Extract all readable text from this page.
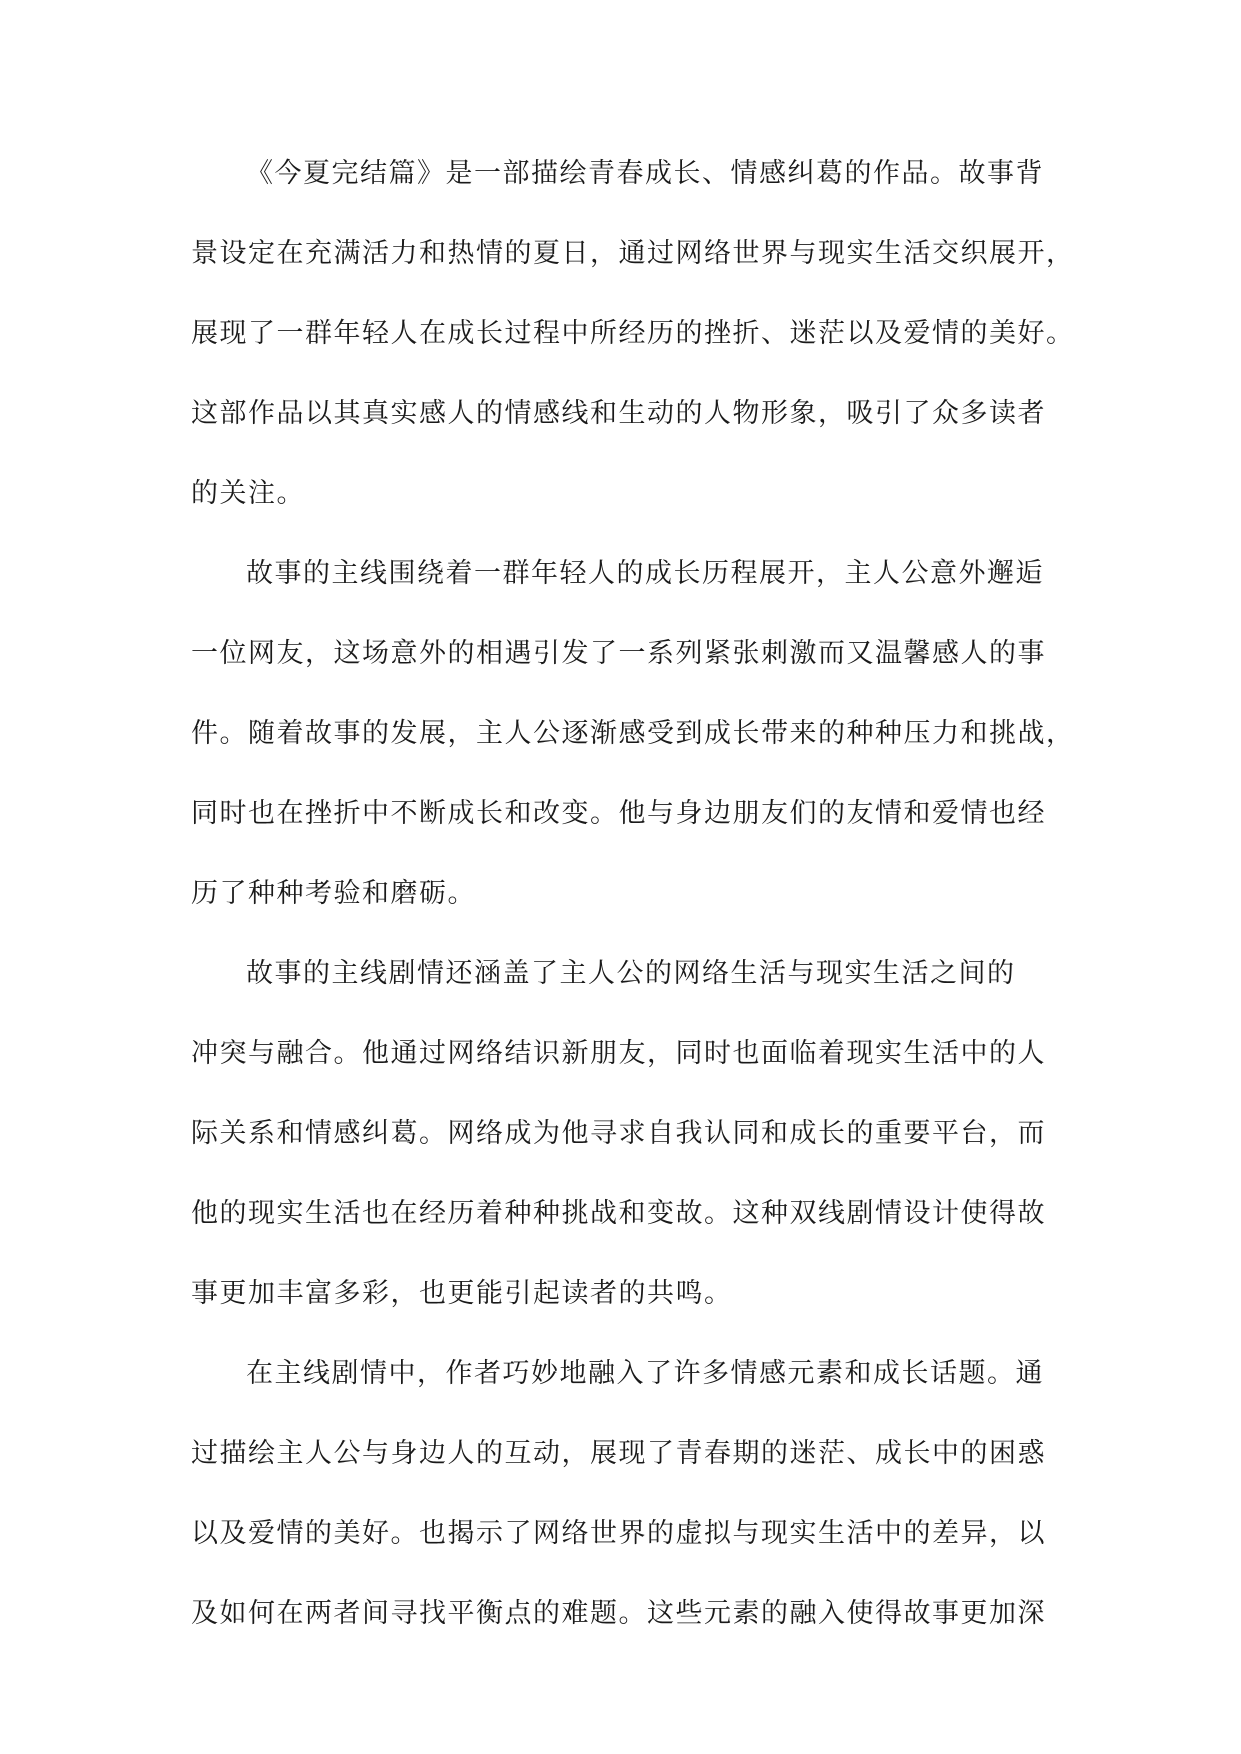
《今夏完结篇》是一部描绘青春成长、情感纠葛的作品。故事背
景设定在充满活力和热情的夏日，通过网络世界与现实生活交织展开，
展现了一群年轻人在成长过程中所经历的挫折、迷茫以及爱情的美好。
这部作品以其真实感人的情感线和生动的人物形象，吸引了众多读者
的关注。
故事的主线围绕着一群年轻人的成长历程展开，主人公意外邂逅
一位网友，这场意外的相遇引发了一系列紧张刺激而又温馨感人的事
件。随着故事的发展，主人公逐渐感受到成长带来的种种压力和挑战，
同时也在挫折中不断成长和改变。他与身边朋友们的友情和爱情也经
历了种种考验和磨砺。
故事的主线剧情还涵盖了主人公的网络生活与现实生活之间的
冲突与融合。他通过网络结识新朋友，同时也面临着现实生活中的人
际关系和情感纠葛。网络成为他寻求自我认同和成长的重要平台，而
他的现实生活也在经历着种种挑战和变故。这种双线剧情设计使得故
事更加丰富多彩，也更能引起读者的共鸣。
在主线剧情中，作者巧妙地融入了许多情感元素和成长话题。通
过描绘主人公与身边人的互动，展现了青春期的迷茫、成长中的困惑
以及爱情的美好。也揭示了网络世界的虚拟与现实生活中的差异，以
及如何在两者间寻找平衡点的难题。这些元素的融入使得故事更加深
